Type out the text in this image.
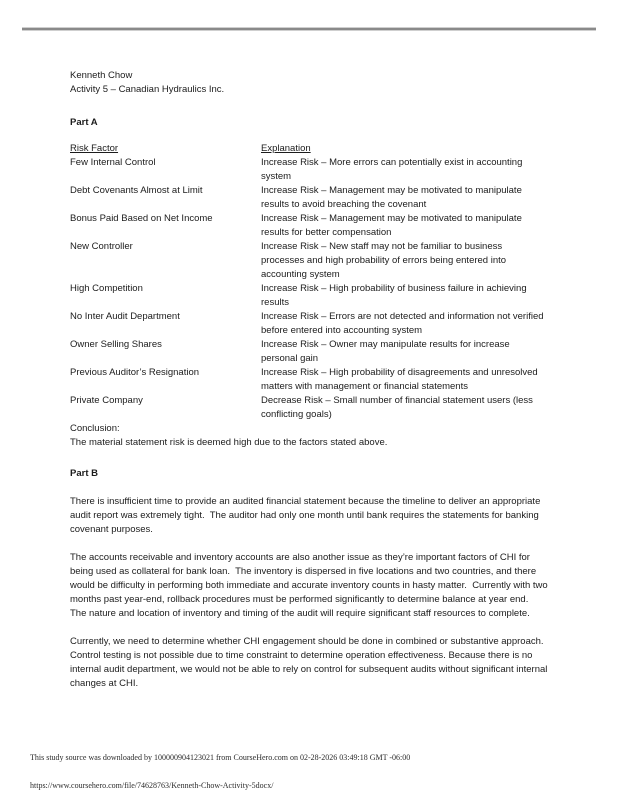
Kenneth Chow
Activity 5 – Canadian Hydraulics Inc.
Part A
Risk Factor	Explanation
Few Internal Control	Increase Risk – More errors can potentially exist in accounting system
Debt Covenants Almost at Limit	Increase Risk – Management may be motivated to manipulate results to avoid breaching the covenant
Bonus Paid Based on Net Income	Increase Risk – Management may be motivated to manipulate results for better compensation
New Controller	Increase Risk – New staff may not be familiar to business processes and high probability of errors being entered into accounting system
High Competition	Increase Risk – High probability of business failure in achieving results
No Inter Audit Department	Increase Risk – Errors are not detected and information not verified before entered into accounting system
Owner Selling Shares	Increase Risk – Owner may manipulate results for increase personal gain
Previous Auditor’s Resignation	Increase Risk – High probability of disagreements and unresolved matters with management or financial statements
Private Company	Decrease Risk – Small number of financial statement users (less conflicting goals)
Conclusion:
The material statement risk is deemed high due to the factors stated above.
Part B

There is insufficient time to provide an audited financial statement because the timeline to deliver an appropriate audit report was extremely tight.  The auditor had only one month until bank requires the statements for banking covenant purposes.

The accounts receivable and inventory accounts are also another issue as they’re important factors of CHI for being used as collateral for bank loan.  The inventory is dispersed in five locations and two countries, and there would be difficulty in performing both immediate and accurate inventory counts in hasty matter.  Currently with two months past year-end, rollback procedures must be performed significantly to determine balance at year end.  The nature and location of inventory and timing of the audit will require significant staff resources to complete.

Currently, we need to determine whether CHI engagement should be done in combined or substantive approach.  Control testing is not possible due to time constraint to determine operation effectiveness. Because there is no internal audit department, we would not be able to rely on control for subsequent audits without significant internal changes at CHI.

This study source was downloaded by 100000904123021 from CourseHero.com on 02-28-2026 03:49:18 GMT -06:00
https://www.coursehero.com/file/74628763/Kenneth-Chow-Activity-5docx/
